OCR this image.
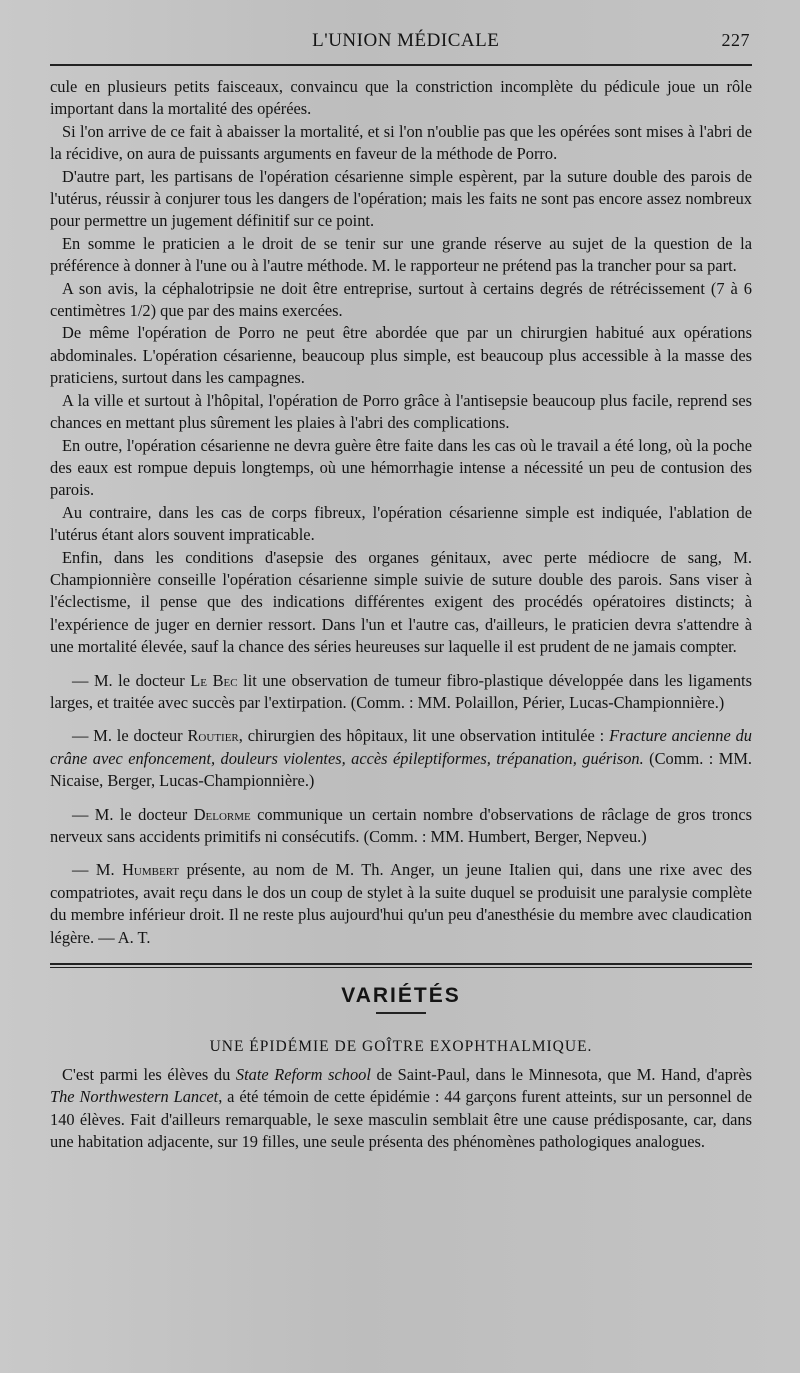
L'UNION MÉDICALE	227

cule en plusieurs petits faisceaux, convaincu que la constriction incomplète du pédicule joue un rôle important dans la mortalité des opérées.

Si l'on arrive de ce fait à abaisser la mortalité, et si l'on n'oublie pas que les opérées sont mises à l'abri de la récidive, on aura de puissants arguments en faveur de la méthode de Porro.

D'autre part, les partisans de l'opération césarienne simple espèrent, par la suture double des parois de l'utérus, réussir à conjurer tous les dangers de l'opération; mais les faits ne sont pas encore assez nombreux pour permettre un jugement définitif sur ce point.

En somme le praticien a le droit de se tenir sur une grande réserve au sujet de la question de la préférence à donner à l'une ou à l'autre méthode. M. le rapporteur ne prétend pas la trancher pour sa part.

A son avis, la céphalotripsie ne doit être entreprise, surtout à certains degrés de rétrécissement (7 à 6 centimètres 1/2) que par des mains exercées.

De même l'opération de Porro ne peut être abordée que par un chirurgien habitué aux opérations abdominales. L'opération césarienne, beaucoup plus simple, est beaucoup plus accessible à la masse des praticiens, surtout dans les campagnes.

A la ville et surtout à l'hôpital, l'opération de Porro grâce à l'antisepsie beaucoup plus facile, reprend ses chances en mettant plus sûrement les plaies à l'abri des complications.

En outre, l'opération césarienne ne devra guère être faite dans les cas où le travail a été long, où la poche des eaux est rompue depuis longtemps, où une hémorrhagie intense a nécessité un peu de contusion des parois.

Au contraire, dans les cas de corps fibreux, l'opération césarienne simple est indiquée, l'ablation de l'utérus étant alors souvent impraticable.

Enfin, dans les conditions d'asepsie des organes génitaux, avec perte médiocre de sang, M. Championnière conseille l'opération césarienne simple suivie de suture double des parois. Sans viser à l'éclectisme, il pense que des indications différentes exigent des procédés opératoires distincts; à l'expérience de juger en dernier ressort. Dans l'un et l'autre cas, d'ailleurs, le praticien devra s'attendre à une mortalité élevée, sauf la chance des séries heureuses sur laquelle il est prudent de ne jamais compter.

— M. le docteur Le Bec lit une observation de tumeur fibro-plastique développée dans les ligaments larges, et traitée avec succès par l'extirpation. (Comm. : MM. Polaillon, Périer, Lucas-Championnière.)

— M. le docteur Routier, chirurgien des hôpitaux, lit une observation intitulée : Fracture ancienne du crâne avec enfoncement, douleurs violentes, accès épileptiformes, trépanation, guérison. (Comm. : MM. Nicaise, Berger, Lucas-Championnière.)

— M. le docteur Delorme communique un certain nombre d'observations de râclage de gros troncs nerveux sans accidents primitifs ni consécutifs. (Comm. : MM. Humbert, Berger, Nepveu.)

— M. Humbert présente, au nom de M. Th. Anger, un jeune Italien qui, dans une rixe avec des compatriotes, avait reçu dans le dos un coup de stylet à la suite duquel se produisit une paralysie complète du membre inférieur droit. Il ne reste plus aujourd'hui qu'un peu d'anesthésie du membre avec claudication légère. — A. T.

VARIÉTÉS
UNE ÉPIDÉMIE DE GOÎTRE EXOPHTHALMIQUE.

C'est parmi les élèves du State Reform school de Saint-Paul, dans le Minnesota, que M. Hand, d'après The Northwestern Lancet, a été témoin de cette épidémie : 44 garçons furent atteints, sur un personnel de 140 élèves. Fait d'ailleurs remarquable, le sexe masculin semblait être une cause prédisposante, car, dans une habitation adjacente, sur 19 filles, une seule présenta des phénomènes pathologiques analogues.
